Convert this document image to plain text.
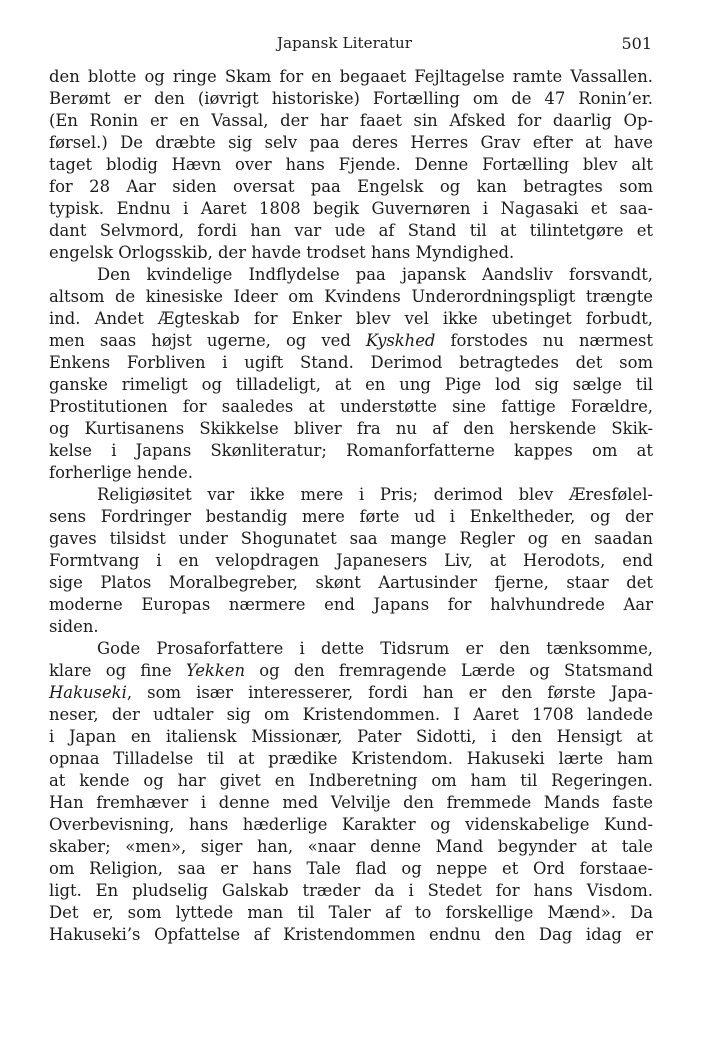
Japansk Literatur	501
den blotte og ringe Skam for en begaaet Fejltagelse ramte Vassallen.
Berømt er den (iøvrigt historiske) Fortælling om de 47 Ronin’er.
(En Ronin er en Vassal, der har faaet sin Afsked for daarlig Op-
førsel.) De dræbte sig selv paa deres Herres Grav efter at have
taget blodig Hævn over hans Fjende. Denne Fortælling blev alt
for 28 Aar siden oversat paa Engelsk og kan betragtes som
typisk. Endnu i Aaret 1808 begik Guvernøren i Nagasaki et saa-
dant Selvmord, fordi han var ude af Stand til at tilintetgøre et
engelsk Orlogsskib, der havde trodset hans Myndighed.
Den kvindelige Indflydelse paa japansk Aandsliv forsvandt,
altsom de kinesiske Ideer om Kvindens Underordningspligt trængte
ind. Andet Ægteskab for Enker blev vel ikke ubetinget forbudt,
men saas højst ugerne, og ved Kyskhed forstodes nu nærmest
Enkens Forbliven i ugift Stand. Derimod betragtedes det som
ganske rimeligt og tilladeligt, at en ung Pige lod sig sælge til
Prostitutionen for saaledes at understøtte sine fattige Forældre,
og Kurtisanens Skikkelse bliver fra nu af den herskende Skik-
kelse i Japans Skønliteratur; Romanforfatterne kappes om at
forherlige hende.
Religiøsitet var ikke mere i Pris; derimod blev Æresfølel-
sens Fordringer bestandig mere førte ud i Enkeltheder, og der
gaves tilsidst under Shogunatet saa mange Regler og en saadan
Formtvang i en velopdragen Japanesers Liv, at Herodots, end
sige Platos Moralbegreber, skønt Aartusinder fjerne, staar det
moderne Europas nærmere end Japans for halvhundrede Aar
siden.
Gode Prosaforfattere i dette Tidsrum er den tænksomme,
klare og fine Yekken og den fremragende Lærde og Statsmand
Hakuseki, som især interesserer, fordi han er den første Japa-
neser, der udtaler sig om Kristendommen. I Aaret 1708 landede
i Japan en italiensk Missionær, Pater Sidotti, i den Hensigt at
opnaa Tilladelse til at prædike Kristendom. Hakuseki lærte ham
at kende og har givet en Indberetning om ham til Regeringen.
Han fremhæver i denne med Velvilje den fremmede Mands faste
Overbevisning, hans hæderlige Karakter og videnskabelige Kund-
skaber; «men», siger han, «naar denne Mand begynder at tale
om Religion, saa er hans Tale flad og neppe et Ord forstaae-
ligt. En pludselig Galskab træder da i Stedet for hans Visdom.
Det er, som lyttede man til Taler af to forskellige Mænd». Da
Hakuseki’s Opfattelse af Kristendommen endnu den Dag idag er
